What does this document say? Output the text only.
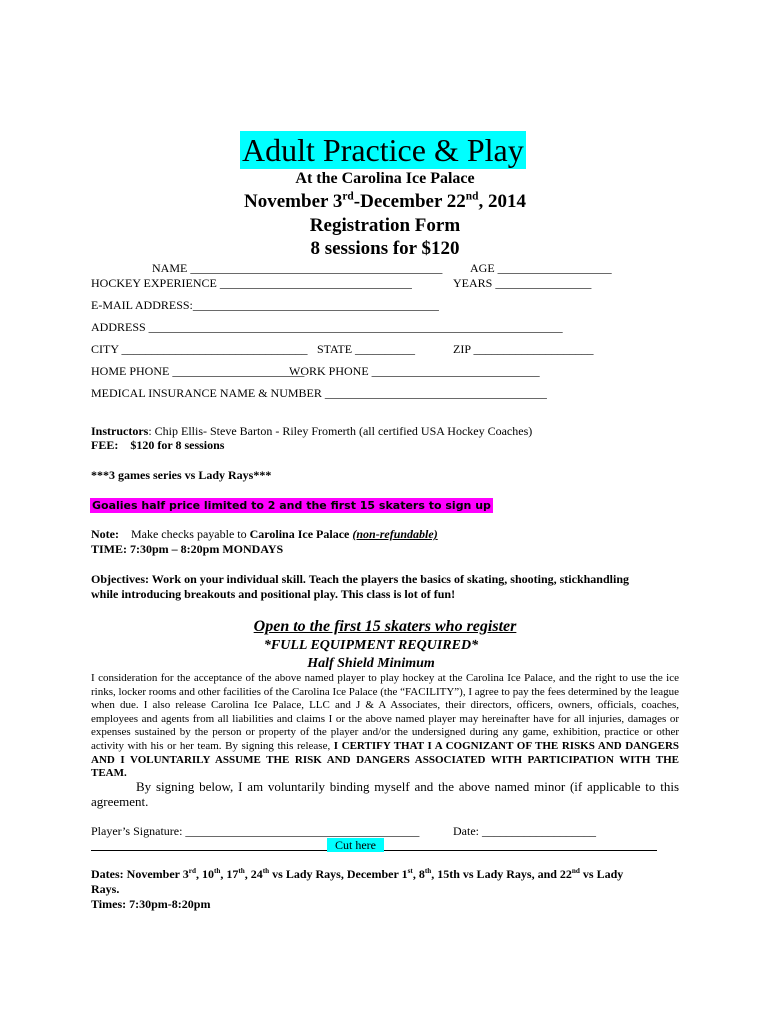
Adult Practice & Play
At the Carolina Ice Palace
November 3rd-December 22nd, 2014
Registration Form
8 sessions for $120
NAME __________________________________________ AGE ___________________
HOCKEY EXPERIENCE ________________________________	YEARS ________________
E-MAIL ADDRESS:_________________________________________
ADDRESS _____________________________________________________________________
CITY _______________________________ STATE __________	ZIP ____________________
HOME PHONE ______________________
WORK PHONE ____________________________
MEDICAL INSURANCE NAME & NUMBER _____________________________________
Instructors: Chip Ellis- Steve Barton - Riley Fromerth (all certified USA Hockey Coaches)
FEE: $120 for 8 sessions
***3 games series vs Lady Rays***
Goalies half price limited to 2 and the first 15 skaters to sign up
Note: Make checks payable to Carolina Ice Palace (non-refundable)
TIME: 7:30pm – 8:20pm MONDAYS
Objectives: Work on your individual skill. Teach the players the basics of skating, shooting, stickhandling
while introducing breakouts and positional play. This class is lot of fun!
Open to the first 15 skaters who register
*FULL EQUIPMENT REQUIRED*
Half Shield Minimum
I consideration for the acceptance of the above named player to play hockey at the Carolina Ice Palace, and the right to use the ice rinks, locker rooms and other facilities of the Carolina Ice Palace (the “FACILITY”), I agree to pay the fees determined by the league when due. I also release Carolina Ice Palace, LLC and J & A Associates, their directors, officers, owners, officials, coaches, employees and agents from all liabilities and claims I or the above named player may hereinafter have for all injuries, damages or expenses sustained by the person or property of the player and/or the undersigned during any game, exhibition, practice or other activity with his or her team. By signing this release, I CERTIFY THAT I A COGNIZANT OF THE RISKS AND DANGERS AND I VOLUNTARILY ASSUME THE RISK AND DANGERS ASSOCIATED WITH PARTICIPATION WITH THE TEAM.
By signing below, I am voluntarily binding myself and the above named minor (if applicable to this agreement.
Player’s Signature: _______________________________________	Date: ___________________
Cut here
Dates: November 3rd, 10th, 17th, 24th vs Lady Rays, December 1st, 8th, 15th vs Lady Rays, and 22nd vs Lady
Rays.
Times: 7:30pm-8:20pm
